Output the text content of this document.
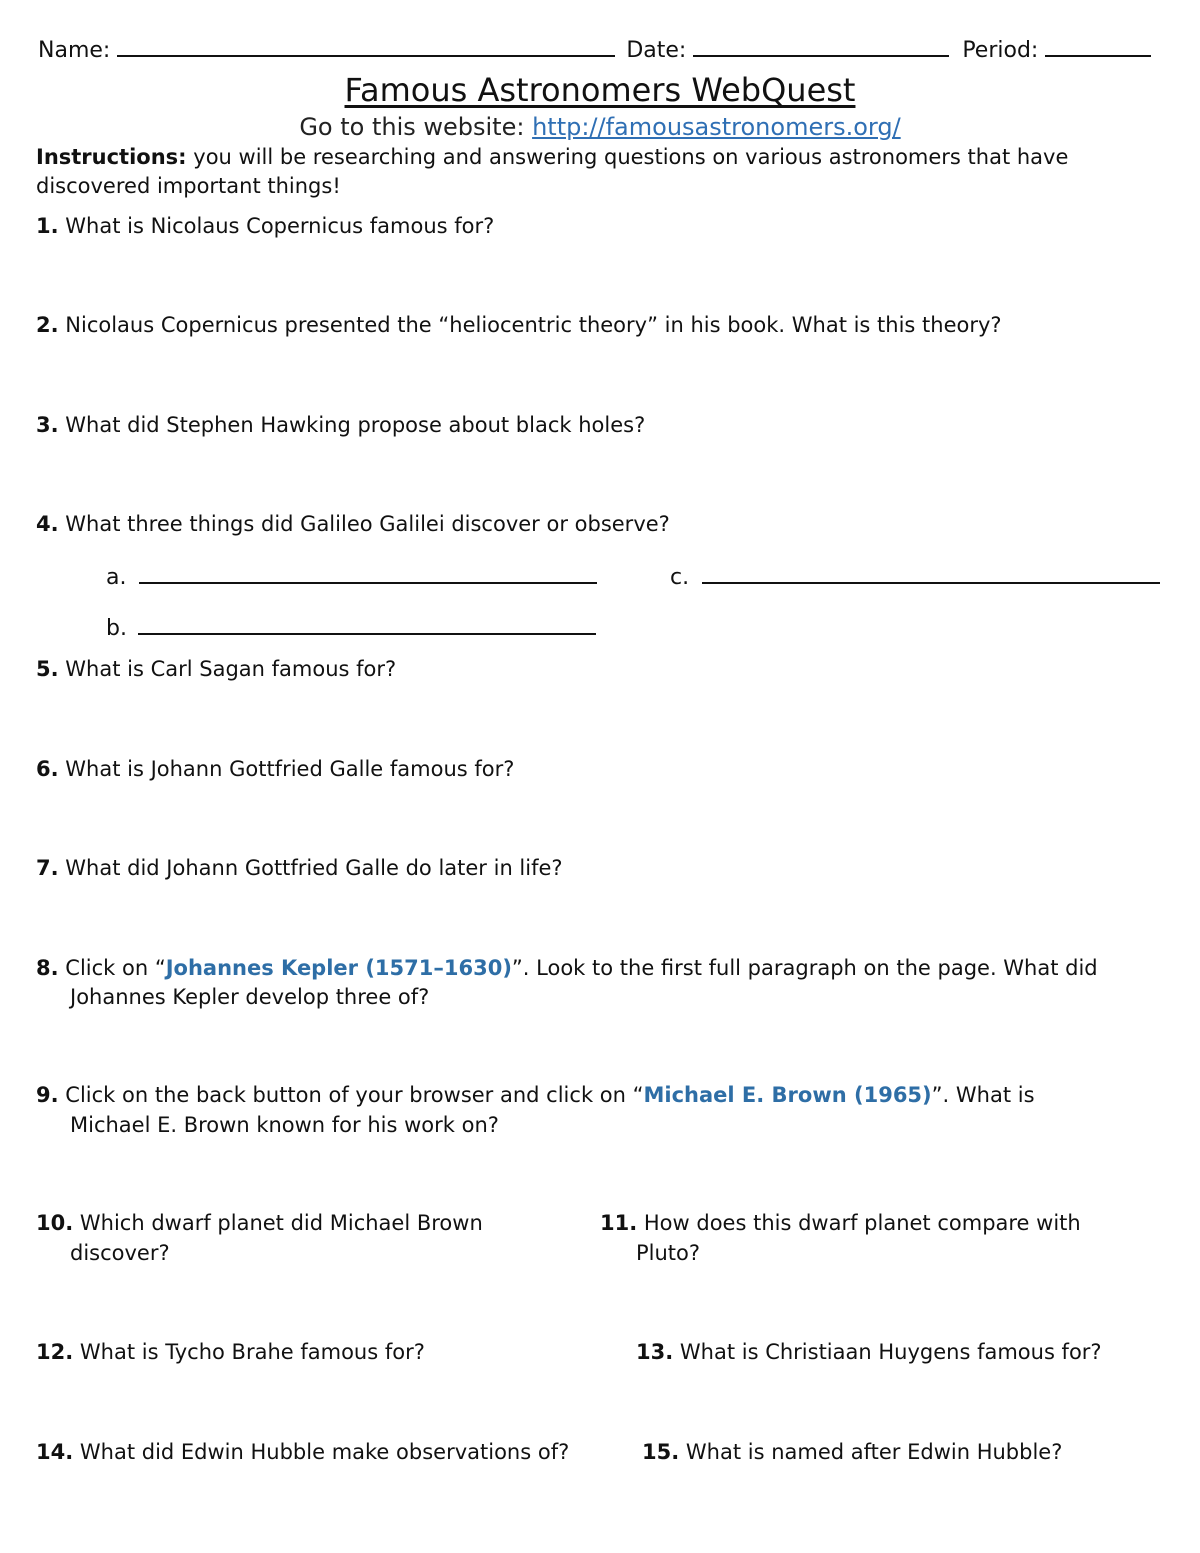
Name:	Date:	Period:
Famous Astronomers WebQuest
Go to this website: http://famousastronomers.org/
Instructions: you will be researching and answering questions on various astronomers that have discovered important things!
1. What is Nicolaus Copernicus famous for?
2. Nicolaus Copernicus presented the “heliocentric theory” in his book. What is this theory?
3. What did Stephen Hawking propose about black holes?
4. What three things did Galileo Galilei discover or observe?
a.	c.
b.
5. What is Carl Sagan famous for?
6. What is Johann Gottfried Galle famous for?
7. What did Johann Gottfried Galle do later in life?
8. Click on “Johannes Kepler (1571–1630)”. Look to the first full paragraph on the page. What did
Johannes Kepler develop three of?
9. Click on the back button of your browser and click on “Michael E. Brown (1965)”. What is
Michael E. Brown known for his work on?
10. Which dwarf planet did Michael Brown
discover?
11. How does this dwarf planet compare with
Pluto?
12. What is Tycho Brahe famous for?	13. What is Christiaan Huygens famous for?
14. What did Edwin Hubble make observations of?	15. What is named after Edwin Hubble?
